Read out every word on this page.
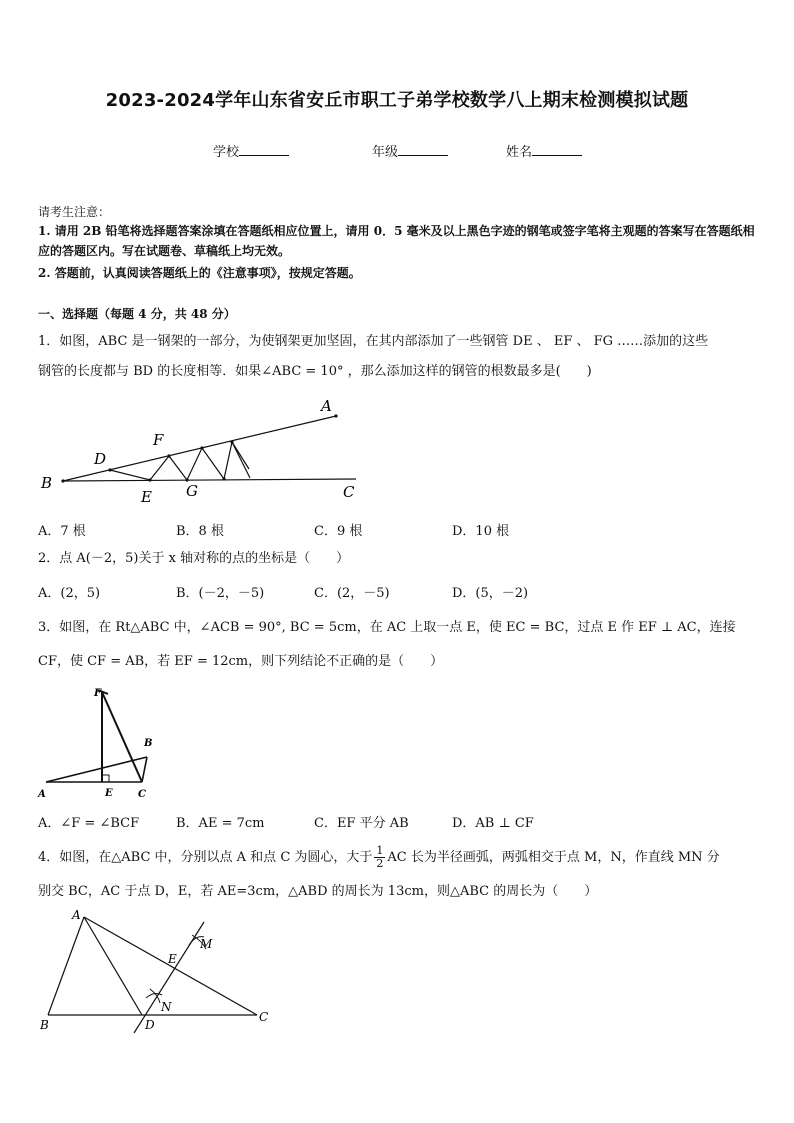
2023-2024学年山东省安丘市职工子弟学校数学八上期末检测模拟试题
学校	年级	姓名
请考生注意：
1. 请用 2B 铅笔将选择题答案涂填在答题纸相应位置上，请用 0．5 毫米及以上黑色字迹的钢笔或签字笔将主观题的答案写在答题纸相应的答题区内。写在试题卷、草稿纸上均无效。
2. 答题前，认真阅读答题纸上的《注意事项》，按规定答题。
一、选择题（每题 4 分，共 48 分）
1．如图，ABC 是一钢架的一部分，为使钢架更加坚固，在其内部添加了一些钢管 DE 、 EF 、 FG ……添加的这些
钢管的长度都与 BD 的长度相等．如果∠ABC = 10° ，那么添加这样的钢管的根数最多是(　　)
A
B	C
D
E
F
G
A．7 根	B．8 根	C．9 根	D．10 根
2．点 A(－2，5)关于 x 轴对称的点的坐标是（　　）
A．(2，5)	B．(－2，－5)	C．(2，－5)	D．(5，－2)
3．如图，在 Rt△ABC 中，∠ACB = 90°, BC = 5cm，在 AC 上取一点 E，使 EC = BC，过点 E 作 EF ⊥ AC，连接
CF，使 CF = AB，若 EF = 12cm，则下列结论不正确的是（　　）
F
B
A	E	C
A．∠F = ∠BCF	B．AE = 7cm	C．EF 平分 AB	D．AB ⊥ CF
4．如图，在△ABC 中，分别以点 A 和点 C 为圆心，大于 $\frac{1}{2}$ AC 长为半径画弧，两弧相交于点 M，N，作直线 MN 分
别交 BC，AC 于点 D，E，若 AE=3cm，△ABD 的周长为 13cm，则△ABC 的周长为（　　）
A
B
C
D
E
M
N
